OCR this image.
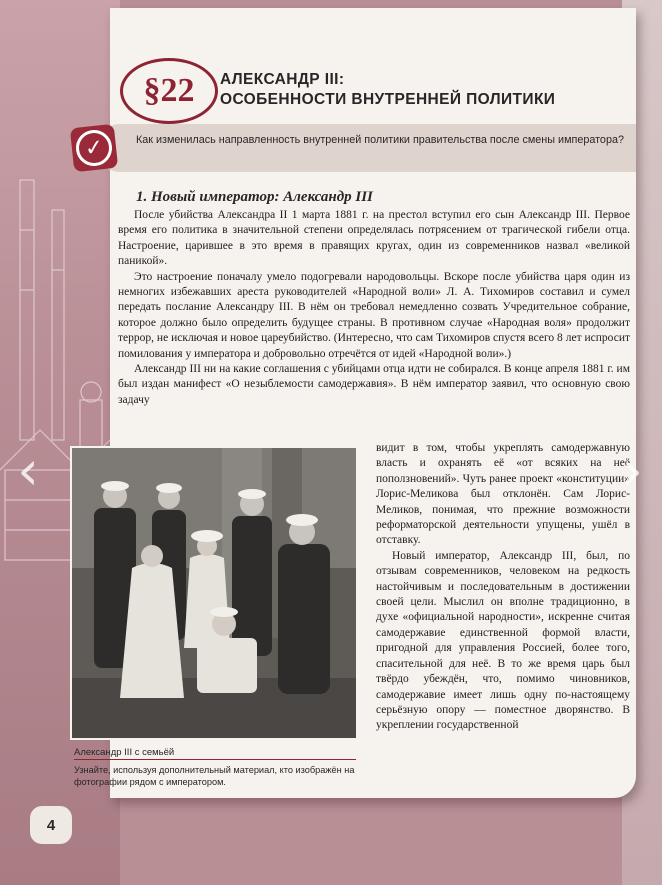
§22 АЛЕКСАНДР III:
ОСОБЕННОСТИ ВНУТРЕННЕЙ ПОЛИТИКИ
✓	Как изменилась направленность внутренней политики правительства после смены императора?
1. Новый император: Александр III

После убийства Александра II 1 марта 1881 г. на престол вступил его сын Александр III. Первое время его политика в значительной степени определялась потрясением от трагической гибели отца. Настроение, царившее в это время в правящих кругах, один из современников назвал «великой паникой».

Это настроение поначалу умело подогревали народовольцы. Вскоре после убийства царя один из немногих избежавших ареста руководителей «Народной воли» Л. А. Тихомиров составил и сумел передать послание Александру III. В нём он требовал немедленно созвать Учредительное собрание, которое должно было определить будущее страны. В противном случае «Народная воля» продолжит террор, не исключая и новое цареубийство. (Интересно, что сам Тихомиров спустя всего 8 лет испросит помилования у императора и добровольно отречётся от идей «Народной воли».)

Александр III ни на какие соглашения с убийцами отца идти не собирался. В конце апреля 1881 г. им был издан манифест «О незыблемости самодержавия». В нём император заявил, что основную свою задачу

Александр III с семьёй
Узнайте, используя дополнительный материал, кто изображён на фотографии рядом с императором.

видит в том, чтобы укреплять самодержавную власть и охранять её «от всяких на неё поползновений». Чуть ранее проект «конституции» Лорис-Меликова был отклонён. Сам Лорис-Меликов, понимая, что прежние возможности реформаторской деятельности упущены, ушёл в отставку.

Новый император, Александр III, был, по отзывам современников, человеком на редкость настойчивым и последовательным в достижении своей цели. Мыслил он вполне традиционно, в духе «официальной народности», искренне считая самодержавие единственной формой власти, пригодной для управления Россией, более того, спасительной для неё. В то же время царь был твёрдо убеждён, что, помимо чиновников, самодержавие имеет лишь одну по-настоящему серьёзную опору — поместное дворянство. В укреплении государственной

4
‹	›
